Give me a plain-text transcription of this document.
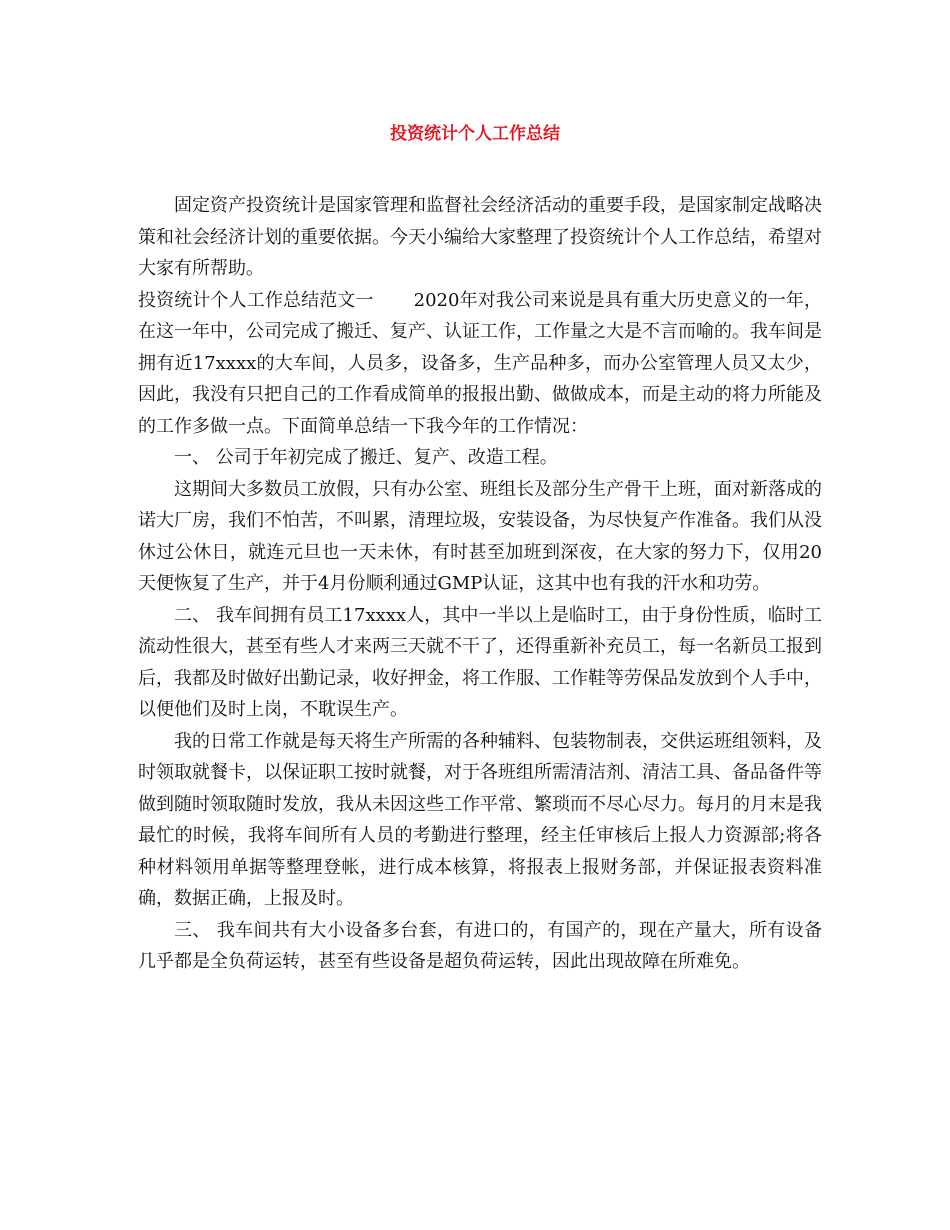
投资统计个人工作总结

固定资产投资统计是国家管理和监督社会经济活动的重要手段，是国家制定战略决策和社会经济计划的重要依据。今天小编给大家整理了投资统计个人工作总结，希望对大家有所帮助。

投资统计个人工作总结范文一 2020年对我公司来说是具有重大历史意义的一年，在这一年中，公司完成了搬迁、复产、认证工作，工作量之大是不言而喻的。我车间是拥有近17xxxx的大车间，人员多，设备多，生产品种多，而办公室管理人员又太少，因此，我没有只把自己的工作看成简单的报报出勤、做做成本，而是主动的将力所能及的工作多做一点。下面简单总结一下我今年的工作情况：

一、 公司于年初完成了搬迁、复产、改造工程。

这期间大多数员工放假，只有办公室、班组长及部分生产骨干上班，面对新落成的诺大厂房，我们不怕苦，不叫累，清理垃圾，安装设备，为尽快复产作准备。我们从没休过公休日，就连元旦也一天未休，有时甚至加班到深夜，在大家的努力下，仅用20天便恢复了生产，并于4月份顺利通过GMP认证，这其中也有我的汗水和功劳。

二、 我车间拥有员工17xxxx人，其中一半以上是临时工，由于身份性质，临时工流动性很大，甚至有些人才来两三天就不干了，还得重新补充员工，每一名新员工报到后，我都及时做好出勤记录，收好押金，将工作服、工作鞋等劳保品发放到个人手中，以便他们及时上岗，不耽误生产。

我的日常工作就是每天将生产所需的各种辅料、包装物制表，交供运班组领料，及时领取就餐卡，以保证职工按时就餐，对于各班组所需清洁剂、清洁工具、备品备件等做到随时领取随时发放，我从未因这些工作平常、繁琐而不尽心尽力。每月的月末是我最忙的时候，我将车间所有人员的考勤进行整理，经主任审核后上报人力资源部;将各种材料领用单据等整理登帐，进行成本核算，将报表上报财务部，并保证报表资料准确，数据正确，上报及时。

三、 我车间共有大小设备多台套，有进口的，有国产的，现在产量大，所有设备几乎都是全负荷运转，甚至有些设备是超负荷运转，因此出现故障在所难免。
